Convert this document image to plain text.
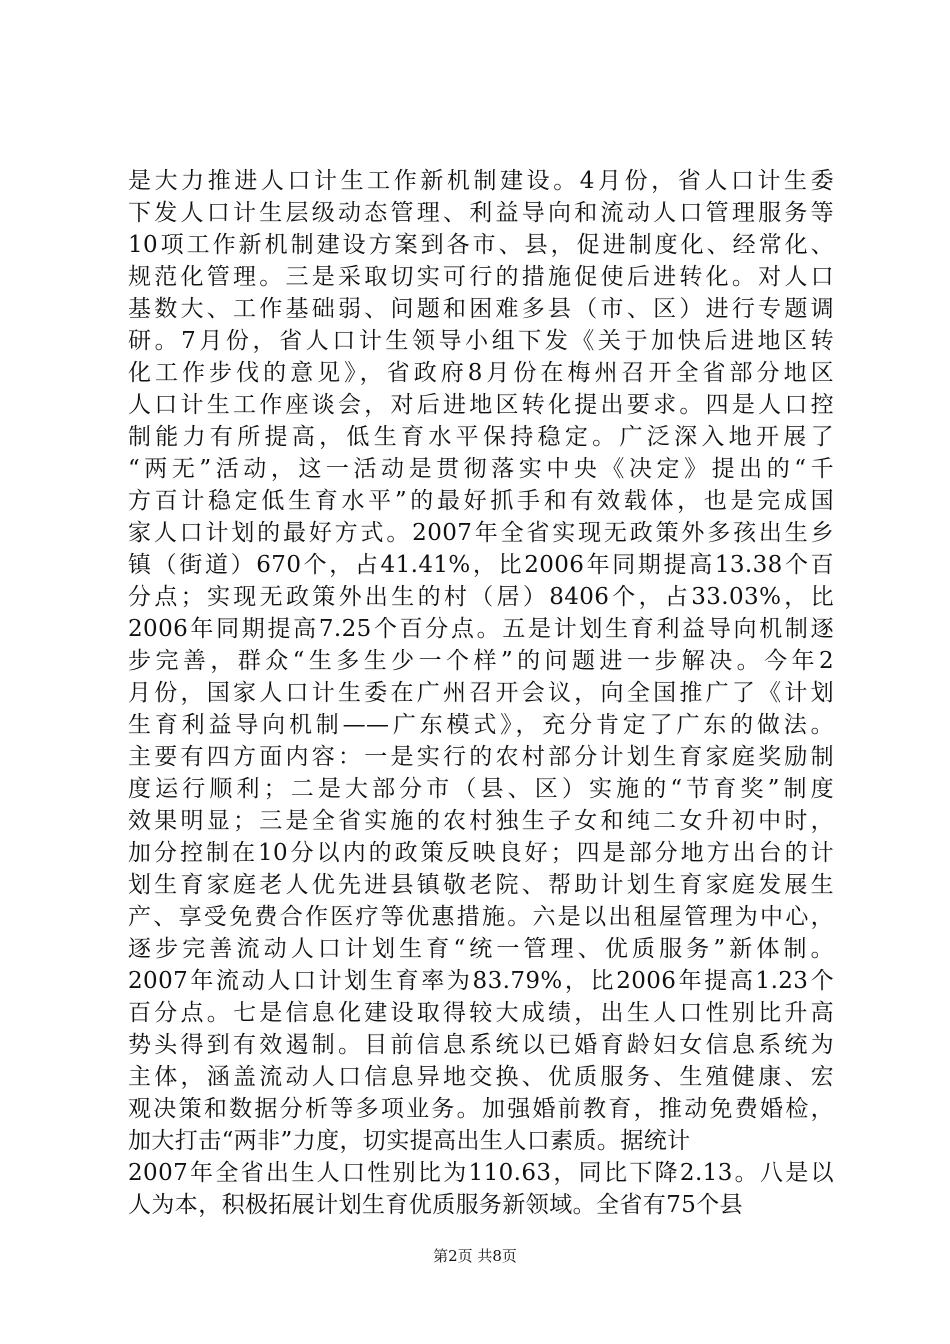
是大力推进人口计生工作新机制建设。4月份，省人口计生委
下发人口计生层级动态管理、利益导向和流动人口管理服务等
10项工作新机制建设方案到各市、县，促进制度化、经常化、
规范化管理。三是采取切实可行的措施促使后进转化。对人口
基数大、工作基础弱、问题和困难多县（市、区）进行专题调
研。7月份，省人口计生领导小组下发《关于加快后进地区转
化工作步伐的意见》，省政府8月份在梅州召开全省部分地区
人口计生工作座谈会，对后进地区转化提出要求。四是人口控
制能力有所提高，低生育水平保持稳定。广泛深入地开展了
“两无”活动，这一活动是贯彻落实中央《决定》提出的“千
方百计稳定低生育水平”的最好抓手和有效载体，也是完成国
家人口计划的最好方式。2007年全省实现无政策外多孩出生乡
镇（街道）670个，占41.41%，比2006年同期提高13.38个百
分点；实现无政策外出生的村（居）8406个，占33.03%，比
2006年同期提高7.25个百分点。五是计划生育利益导向机制逐
步完善，群众“生多生少一个样”的问题进一步解决。今年2
月份，国家人口计生委在广州召开会议，向全国推广了《计划
生育利益导向机制——广东模式》，充分肯定了广东的做法。
主要有四方面内容：一是实行的农村部分计划生育家庭奖励制
度运行顺利；二是大部分市（县、区）实施的“节育奖”制度
效果明显；三是全省实施的农村独生子女和纯二女升初中时，
加分控制在10分以内的政策反映良好；四是部分地方出台的计
划生育家庭老人优先进县镇敬老院、帮助计划生育家庭发展生
产、享受免费合作医疗等优惠措施。六是以出租屋管理为中心，
逐步完善流动人口计划生育“统一管理、优质服务”新体制。
2007年流动人口计划生育率为83.79%，比2006年提高1.23个
百分点。七是信息化建设取得较大成绩，出生人口性别比升高
势头得到有效遏制。目前信息系统以已婚育龄妇女信息系统为
主体，涵盖流动人口信息异地交换、优质服务、生殖健康、宏
观决策和数据分析等多项业务。加强婚前教育，推动免费婚检，
加大打击“两非”力度，切实提高出生人口素质。据统计
2007年全省出生人口性别比为110.63，同比下降2.13。八是以
人为本，积极拓展计划生育优质服务新领域。全省有75个县
第2页 共8页
